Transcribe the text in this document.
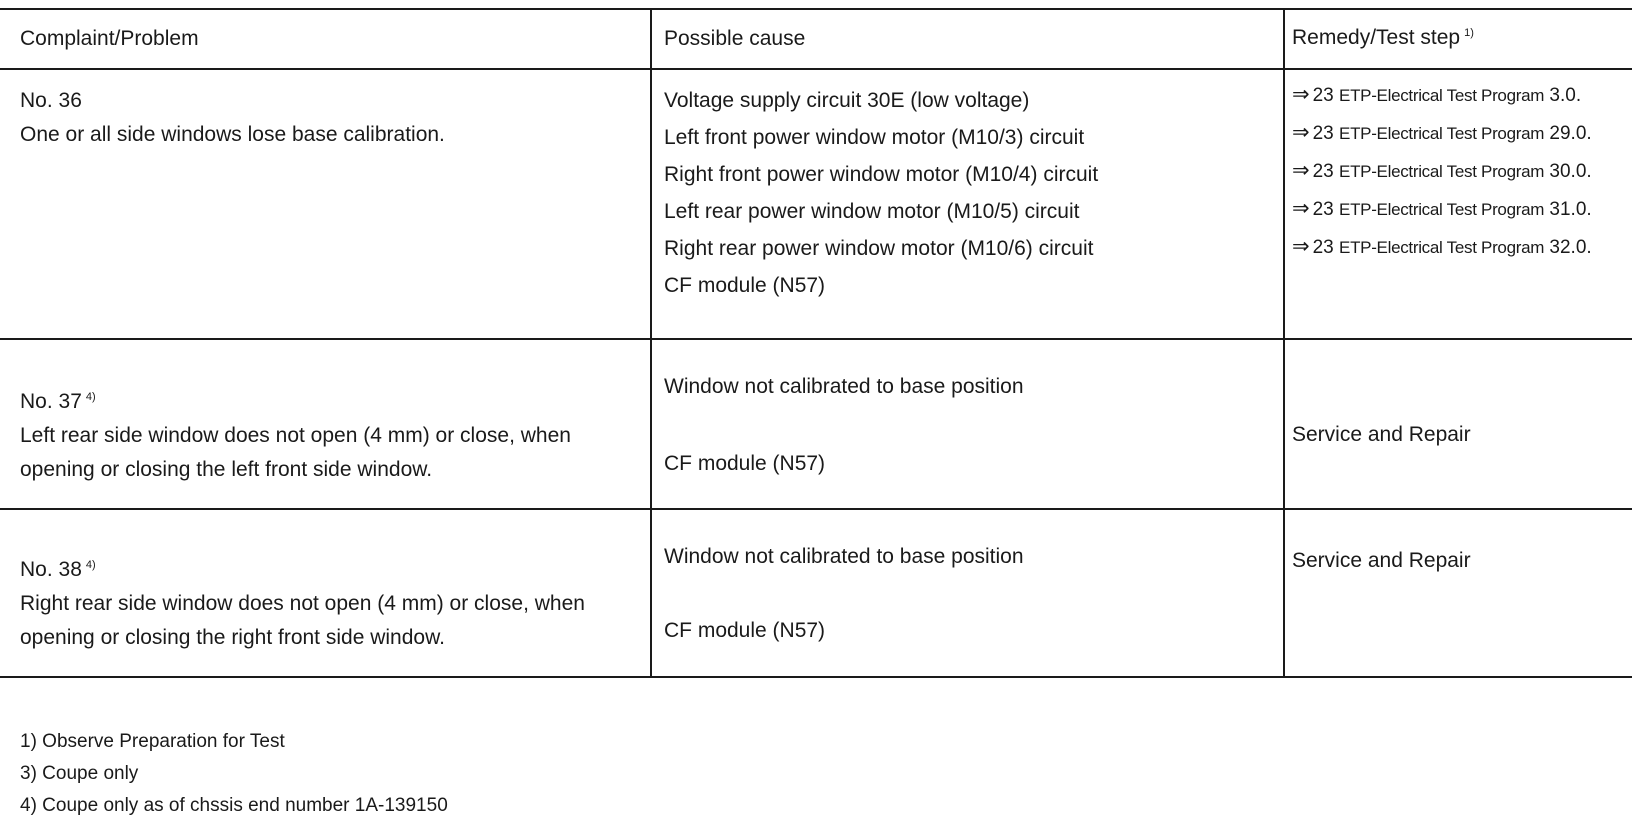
Complaint/Problem	Possible cause	Remedy/Test step $^{1)}$
No. 36
One or all side windows lose base calibration.
Voltage supply circuit 30E (low voltage)
Left front power window motor (M10/3) circuit
Right front power window motor (M10/4) circuit
Left rear power window motor (M10/5) circuit
Right rear power window motor (M10/6) circuit
CF module (N57)
⇒ 23 ETP-Electrical Test Program 3.0.
⇒ 23 ETP-Electrical Test Program 29.0.
⇒ 23 ETP-Electrical Test Program 30.0.
⇒ 23 ETP-Electrical Test Program 31.0.
⇒ 23 ETP-Electrical Test Program 32.0.
No. 37 $^{4)}$
Left rear side window does not open (4 mm) or close, when
opening or closing the left front side window.
Window not calibrated to base position
CF module (N57)
Service and Repair
No. 38 $^{4)}$
Right rear side window does not open (4 mm) or close, when
opening or closing the right front side window.
Window not calibrated to base position
CF module (N57)
Service and Repair
1) Observe Preparation for Test
3) Coupe only
4) Coupe only as of chssis end number 1A-139150
